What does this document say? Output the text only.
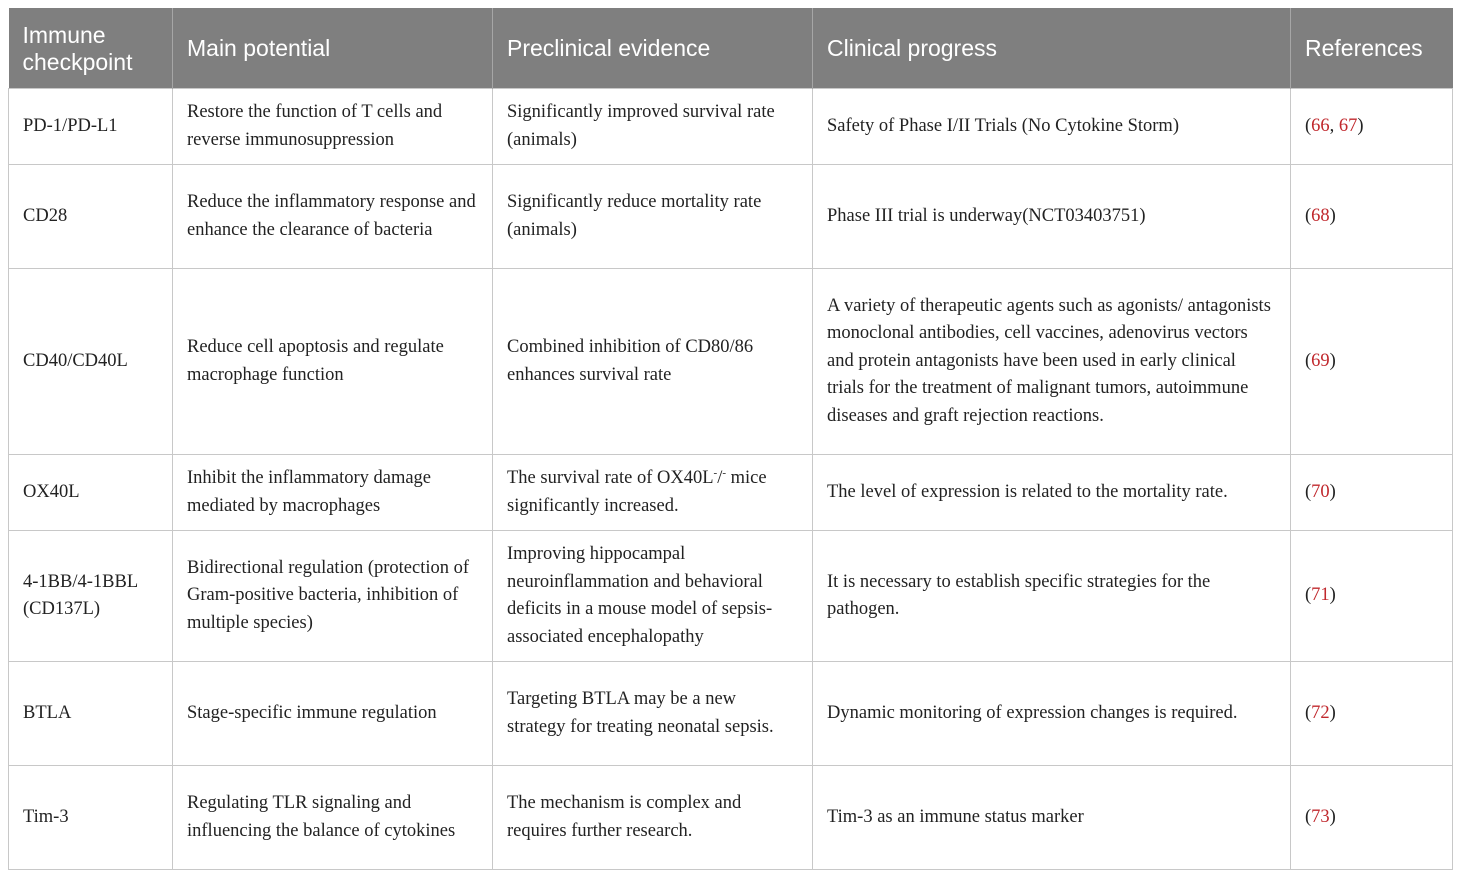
Immune checkpoint	Main potential	Preclinical evidence	Clinical progress	References
PD-1/PD-L1	Restore the function of T cells and reverse immunosuppression	Significantly improved survival rate (animals)	Safety of Phase I/II Trials (No Cytokine Storm)	(66, 67)
CD28	Reduce the inflammatory response and enhance the clearance of bacteria	Significantly reduce mortality rate (animals)	Phase III trial is underway(NCT03403751)	(68)
CD40/CD40L	Reduce cell apoptosis and regulate macrophage function	Combined inhibition of CD80/86 enhances survival rate	A variety of therapeutic agents such as agonists/ antagonists monoclonal antibodies, cell vaccines, adenovirus vectors and protein antagonists have been used in early clinical trials for the treatment of malignant tumors, autoimmune diseases and graft rejection reactions.	(69)
OX40L	Inhibit the inflammatory damage mediated by macrophages	The survival rate of OX40L-/- mice significantly increased.	The level of expression is related to the mortality rate.	(70)
4-1BB/4-1BBL (CD137L)	Bidirectional regulation (protection of Gram-positive bacteria, inhibition of multiple species)	Improving hippocampal neuroinflammation and behavioral deficits in a mouse model of sepsis-associated encephalopathy	It is necessary to establish specific strategies for the pathogen.	(71)
BTLA	Stage-specific immune regulation	Targeting BTLA may be a new strategy for treating neonatal sepsis.	Dynamic monitoring of expression changes is required.	(72)
Tim-3	Regulating TLR signaling and influencing the balance of cytokines	The mechanism is complex and requires further research.	Tim-3 as an immune status marker	(73)
